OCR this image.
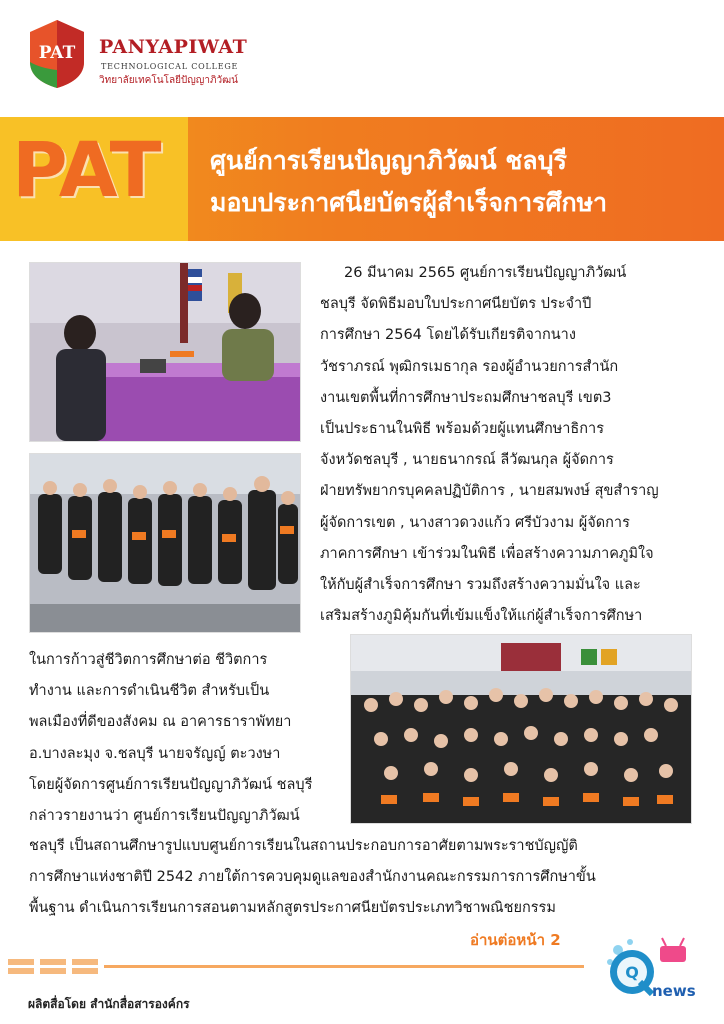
PAT PANYAPIWAT
TECHNOLOGICAL COLLEGE
วิทยาลัยเทคโนโลยีปัญญาภิวัฒน์
PAT ศูนย์การเรียนปัญญาภิวัฒน์ ชลบุรี
มอบประกาศนียบัตรผู้สำเร็จการศึกษา
26 มีนาคม 2565 ศูนย์การเรียนปัญญาภิวัฒน์
ชลบุรี จัดพิธีมอบใบประกาศนียบัตร ประจำปี
การศึกษา 2564 โดยได้รับเกียรติจากนาง
วัชราภรณ์ พุฒิกรเมธากุล รองผู้อำนวยการสำนัก
งานเขตพื้นที่การศึกษาประถมศึกษาชลบุรี เขต3
เป็นประธานในพิธี พร้อมด้วยผู้แทนศึกษาธิการ
จังหวัดชลบุรี , นายธนากรณ์ ลีวัฒนกุล ผู้จัดการ
ฝ่ายทรัพยากรบุคคลปฏิบัติการ , นายสมพงษ์ สุขสำราญ
ผู้จัดการเขต , นางสาวดวงแก้ว ศรีบัวงาม ผู้จัดการ
ภาคการศึกษา เข้าร่วมในพิธี เพื่อสร้างความภาคภูมิใจ
ให้กับผู้สำเร็จการศึกษา รวมถึงสร้างความมั่นใจ และ
เสริมสร้างภูมิคุ้มกันที่เข้มแข็งให้แก่ผู้สำเร็จการศึกษา
ในการก้าวสู่ชีวิตการศึกษาต่อ ชีวิตการ
ทำงาน และการดำเนินชีวิต สำหรับเป็น
พลเมืองที่ดีของสังคม ณ อาคารธาราพัทยา
อ.บางละมุง จ.ชลบุรี นายจรัญญ์ ตะวงษา
โดยผู้จัดการศูนย์การเรียนปัญญาภิวัฒน์ ชลบุรี
กล่าวรายงานว่า ศูนย์การเรียนปัญญาภิวัฒน์
ชลบุรี เป็นสถานศึกษารูปแบบศูนย์การเรียนในสถานประกอบการอาศัยตามพระราชบัญญัติ
การศึกษาแห่งชาติปี 2542 ภายใต้การควบคุมดูแลของสำนักงานคณะกรรมการการศึกษาขั้น
พื้นฐาน ดำเนินการเรียนการสอนตามหลักสูตรประกาศนียบัตรประเภทวิชาพณิชยกรรม
อ่านต่อหน้า 2
ผลิตสื่อโดย สำนักสื่อสารองค์กร
Q
news
